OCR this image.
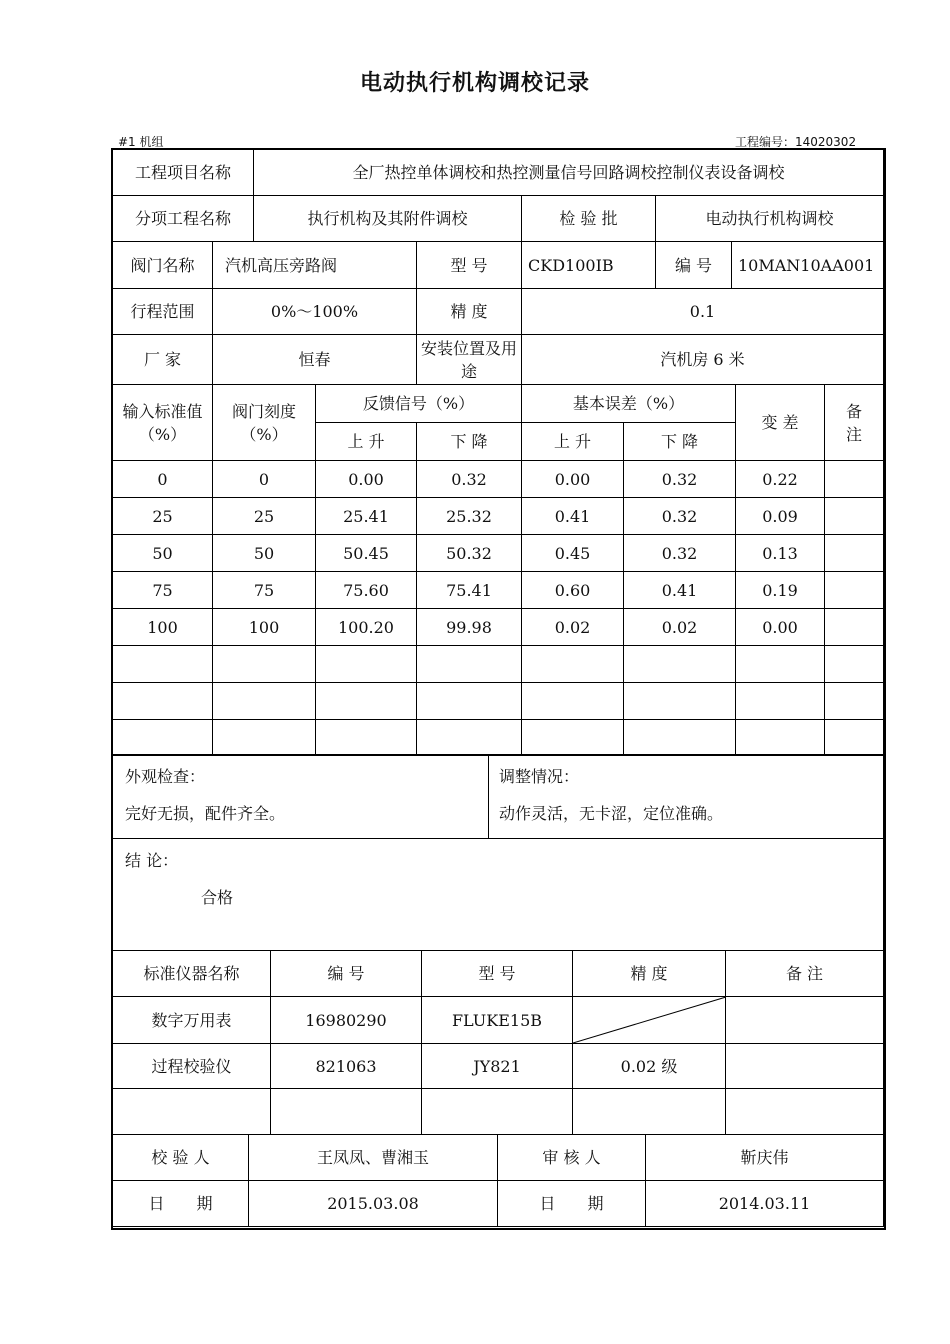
电动执行机构调校记录
#1 机组	工程编号：14020302
工程项目名称	全厂热控单体调校和热控测量信号回路调校控制仪表设备调校
分项工程名称	执行机构及其附件调校	检 验 批	电动执行机构调校
阀门名称	汽机高压旁路阀	型 号	CKD100IB	编 号	10MAN10AA001
行程范围	0%～100%	精 度	0.1		
厂 家	恒春	安装位置及用途	汽机房 6 米		
输入标准值（%）	阀门刻度（%）	反馈信号（%）		基本误差（%）		变 差	备注
		上 升	下 降	上 升	下 降		
0	0	0.00	0.32	0.00	0.32	0.22	
25	25	25.41	25.32	0.41	0.32	0.09	
50	50	50.45	50.32	0.45	0.32	0.13	
75	75	75.60	75.41	0.60	0.41	0.19	
100	100	100.20	99.98	0.02	0.02	0.00	

外观检查：
完好无损，配件齐全。

调整情况：
动作灵活，无卡涩，定位准确。

结 论：
合格
标准仪器名称	编 号	型 号	精 度	备 注
数字万用表	16980290	FLUKE15B	

过程校验仪	821063	JY821	0.02 级	

校 验 人	王凤凤、曹湘玉	审 核 人	靳庆伟
日　　期	2015.03.08	日　　期	2014.03.11
